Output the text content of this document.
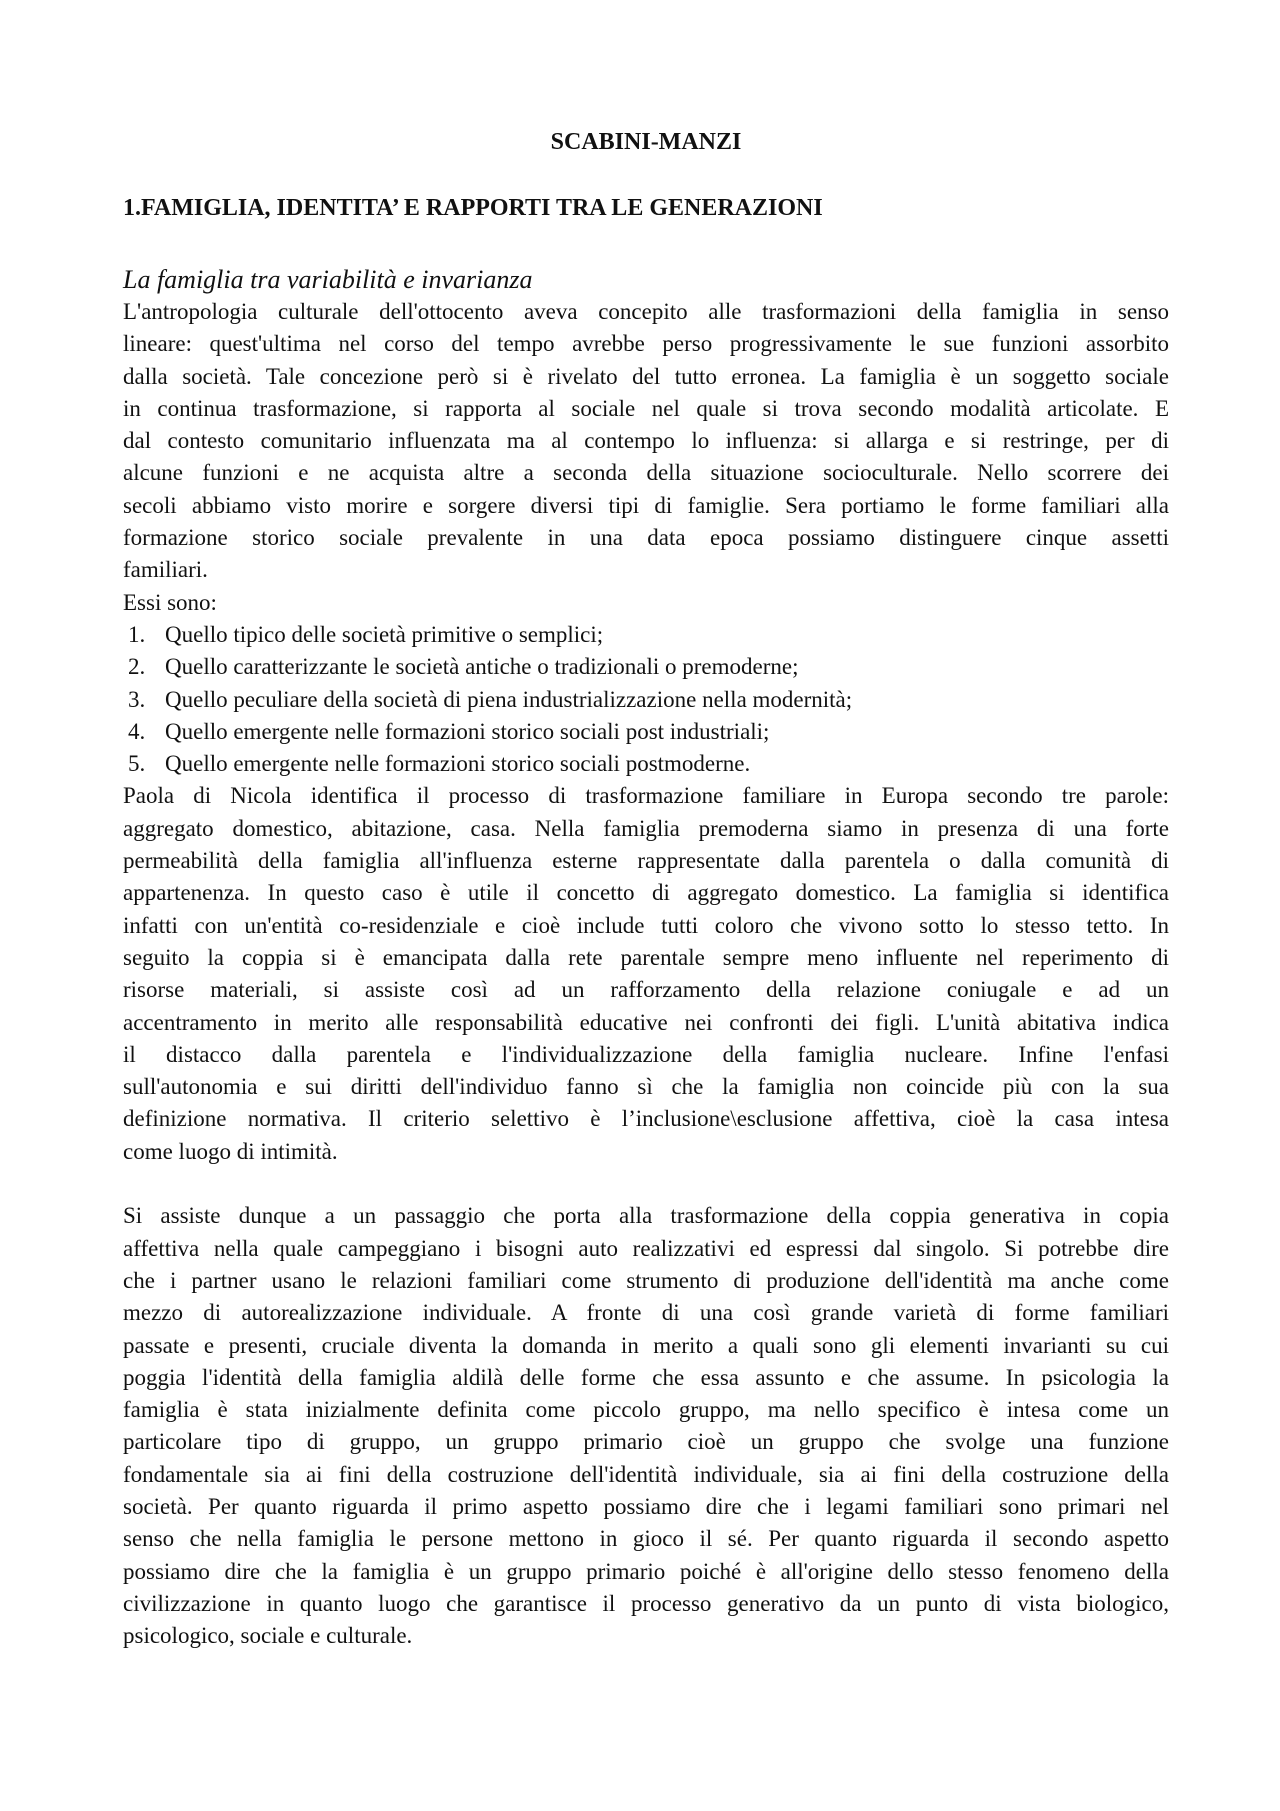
SCABINI-MANZI
1.FAMIGLIA, IDENTITA’ E RAPPORTI TRA LE GENERAZIONI
La famiglia tra variabilità e invarianza
L'antropologia culturale dell'ottocento aveva concepito alle trasformazioni della famiglia in senso
lineare: quest'ultima nel corso del tempo avrebbe perso progressivamente le sue funzioni assorbito
dalla società. Tale concezione però si è rivelato del tutto erronea. La famiglia è un soggetto sociale
in continua trasformazione, si rapporta al sociale nel quale si trova secondo modalità articolate. E
dal contesto comunitario influenzata ma al contempo lo influenza: si allarga e si restringe, per di
alcune funzioni e ne acquista altre a seconda della situazione socioculturale. Nello scorrere dei
secoli abbiamo visto morire e sorgere diversi tipi di famiglie. Sera portiamo le forme familiari alla
formazione storico sociale prevalente in una data epoca possiamo distinguere cinque assetti
familiari.
Essi sono:
1. Quello tipico delle società primitive o semplici;
2. Quello caratterizzante le società antiche o tradizionali o premoderne;
3. Quello peculiare della società di piena industrializzazione nella modernità;
4. Quello emergente nelle formazioni storico sociali post industriali;
5. Quello emergente nelle formazioni storico sociali postmoderne.
Paola di Nicola identifica il processo di trasformazione familiare in Europa secondo tre parole:
aggregato domestico, abitazione, casa. Nella famiglia premoderna siamo in presenza di una forte
permeabilità della famiglia all'influenza esterne rappresentate dalla parentela o dalla comunità di
appartenenza. In questo caso è utile il concetto di aggregato domestico. La famiglia si identifica
infatti con un'entità co-residenziale e cioè include tutti coloro che vivono sotto lo stesso tetto. In
seguito la coppia si è emancipata dalla rete parentale sempre meno influente nel reperimento di
risorse materiali, si assiste così ad un rafforzamento della relazione coniugale e ad un
accentramento in merito alle responsabilità educative nei confronti dei figli. L'unità abitativa indica
il distacco dalla parentela e l'individualizzazione della famiglia nucleare. Infine l'enfasi
sull'autonomia e sui diritti dell'individuo fanno sì che la famiglia non coincide più con la sua
definizione normativa. Il criterio selettivo è l’inclusione\esclusione affettiva, cioè la casa intesa
come luogo di intimità.
Si assiste dunque a un passaggio che porta alla trasformazione della coppia generativa in copia
affettiva nella quale campeggiano i bisogni auto realizzativi ed espressi dal singolo. Si potrebbe dire
che i partner usano le relazioni familiari come strumento di produzione dell'identità ma anche come
mezzo di autorealizzazione individuale. A fronte di una così grande varietà di forme familiari
passate e presenti, cruciale diventa la domanda in merito a quali sono gli elementi invarianti su cui
poggia l'identità della famiglia aldilà delle forme che essa assunto e che assume. In psicologia la
famiglia è stata inizialmente definita come piccolo gruppo, ma nello specifico è intesa come un
particolare tipo di gruppo, un gruppo primario cioè un gruppo che svolge una funzione
fondamentale sia ai fini della costruzione dell'identità individuale, sia ai fini della costruzione della
società. Per quanto riguarda il primo aspetto possiamo dire che i legami familiari sono primari nel
senso che nella famiglia le persone mettono in gioco il sé. Per quanto riguarda il secondo aspetto
possiamo dire che la famiglia è un gruppo primario poiché è all'origine dello stesso fenomeno della
civilizzazione in quanto luogo che garantisce il processo generativo da un punto di vista biologico,
psicologico, sociale e culturale.
